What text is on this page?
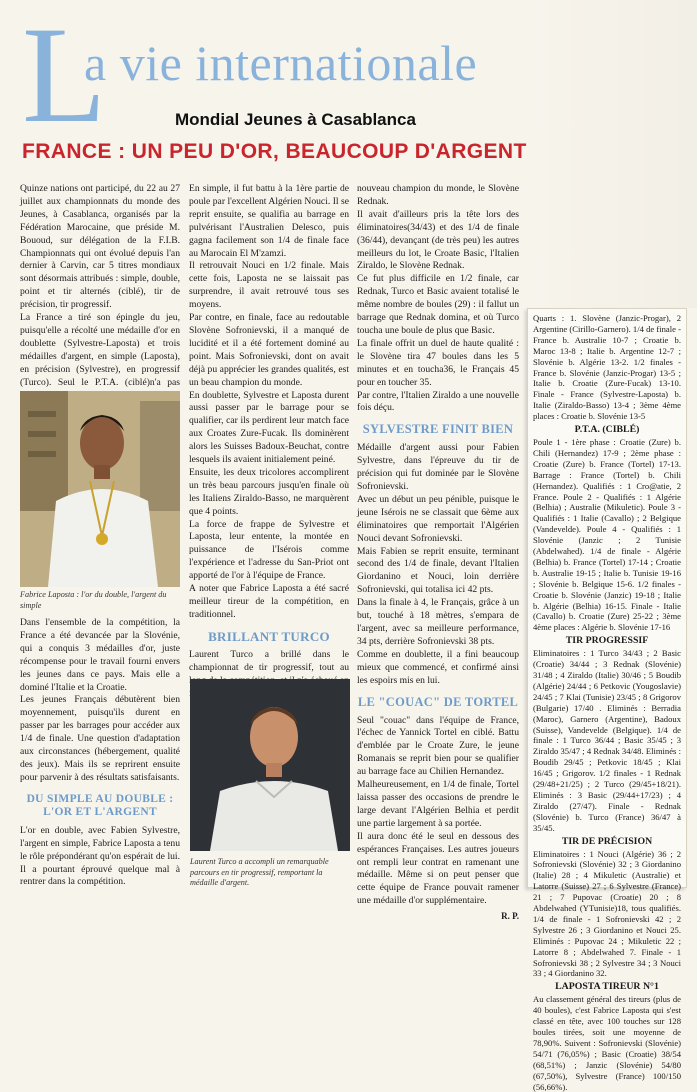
L
a vie internationale
Mondial Jeunes à Casablanca
FRANCE : UN PEU D'OR, BEAUCOUP D'ARGENT

Quinze nations ont participé, du 22 au 27 juillet aux championnats du monde des Jeunes, à Casablanca, organisés par la Fédération Marocaine, que préside M. Bououd, sur délégation de la F.I.B. Championnats qui ont évolué depuis l'an dernier à Carvin, car 5 titres mondiaux sont désormais attribués : simple, double, point et tir alternés (ciblé), tir de précision, tir progressif.

La France a tiré son épingle du jeu, puisqu'elle a récolté une médaille d'or en doublette (Sylvestre-Laposta) et trois médailles d'argent, en simple (Laposta), en précision (Sylvestre), en progressif (Turco). Seul le P.T.A. (ciblé)n'a pas

Fabrice Laposta : l'or du double, l'argent du simple

Dans l'ensemble de la compétition, la France a été devancée par la Slovénie, qui a conquis 3 médailles d'or, juste récompense pour le travail fourni envers les jeunes dans ce pays. Mais elle a dominé l'Italie et la Croatie.

Les jeunes Français débutèrent bien moyennement, puisqu'ils durent en passer par les barrages pour accéder aux 1/4 de finale. Une question d'adaptation aux circonstances (hébergement, qualité des jeux). Mais ils se reprirent ensuite pour parvenir à des résultats satisfaisants.

DU SIMPLE AU DOUBLE : L'OR ET L'ARGENT

L'or en double, avec Fabien Sylvestre, l'argent en simple, Fabrice Laposta a tenu le rôle prépondérant qu'on espérait de lui. Il a pourtant éprouvé quelque mal à rentrer dans la compétition.

En simple, il fut battu à la 1ère partie de poule par l'excellent Algérien Nouci. Il se reprit ensuite, se qualifia au barrage en pulvérisant l'Australien Delesco, puis gagna facilement son 1/4 de finale face au Marocain El M'zamzi.

Il retrouvait Nouci en 1/2 finale. Mais cette fois, Laposta ne se laissait pas surprendre, il avait retrouvé tous ses moyens.

Par contre, en finale, face au redoutable Slovène Sofronievski, il a manqué de lucidité et il a été fortement dominé au point. Mais Sofronievski, dont on avait déjà pu apprécier les grandes qualités, est un beau champion du monde.

En doublette, Sylvestre et Laposta durent aussi passer par le barrage pour se qualifier, car ils perdirent leur match face aux Croates Zure-Fucak. Ils dominèrent alors les Suisses Badoux-Beuchat, contre lesquels ils avaient initialement peiné.

Ensuite, les deux tricolores accomplirent un très beau parcours jusqu'en finale où les Italiens Ziraldo-Basso, ne marquèrent que 4 points.

La force de frappe de Sylvestre et Laposta, leur entente, la montée en puissance de l'Isérois comme l'expérience et l'adresse du San-Priot ont apporté de l'or à l'équipe de France.

A noter que Fabrice Laposta a été sacré meilleur tireur de la compétition, en traditionnel.

BRILLANT TURCO

Laurent Turco a brillé dans le championnat de tir progressif, tout au

Laurent Turco a accompli un remarquable parcours en tir progressif, remportant la médaille d'argent.

nouveau champion du monde, le Slovène Rednak.

Il avait d'ailleurs pris la tête lors des éliminatoires(34/43) et des 1/4 de finale (36/44), devançant (de très peu) les autres meilleurs du lot, le Croate Basic, l'Italien Ziraldo, le Slovène Rednak.

Ce fut plus difficile en 1/2 finale, car Rednak, Turco et Basic avaient totalisé le même nombre de boules (29) : il fallut un barrage que Rednak domina, et où Turco toucha une boule de plus que Basic.

La finale offrit un duel de haute qualité : le Slovène tira 47 boules dans les 5 minutes et en toucha36, le Français 45 pour en toucher 35.

Par contre, l'Italien Ziraldo a une nouvelle fois déçu.

SYLVESTRE FINIT BIEN

Médaille d'argent aussi pour Fabien Sylvestre, dans l'épreuve du tir de précision qui fut dominée par le Slovène Sofronievski.

Avec un début un peu pénible, puisque le jeune Isérois ne se classait que 6ème aux éliminatoires que remportait l'Algérien Nouci devant Sofronievski.

Mais Fabien se reprit ensuite, terminant second des 1/4 de finale, devant l'Italien Giordanino et Nouci, loin derrière Sofronievski, qui totalisa ici 42 pts.

Dans la finale à 4, le Français, grâce à un but, touché à 18 mètres, s'empara de l'argent, avec sa meilleure performance, 34 pts, derrière Sofronievski 38 pts.

Comme en doublette, il a fini beaucoup mieux que commencé, et confirmé ainsi les espoirs mis en lui.

LE "COUAC" DE TORTEL

Seul "couac" dans l'équipe de France, l'échec de Yannick Tortel en ciblé. Battu d'emblée par le Croate Zure, le jeune Romanais se reprit bien pour se qualifier au barrage face au Chilien Hernandez.

Malheureusement, en 1/4 de finale, Tortel laissa passer des occasions de prendre le large devant l'Algérien Belhia et perdit une partie largement à sa portée.

Il aura donc été le seul en dessous des espérances Françaises. Les autres joueurs ont rempli leur contrat en ramenant une médaille. Même si on peut penser que cette équipe de France pouvait ramener une médaille d'or supplémentaire.

R. P.

Quarts : 1. Slovène (Janzic-Progar), 2 Argentine (Cirillo-Garnero). 1/4 de finale - France b. Australie 10-7 ; Croatie b. Maroc 13-8 ; Italie b. Argentine 12-7 ; Slovénie b. Algérie 13-2. 1/2 finales - France b. Slovénie (Janzic-Progar) 13-5 ; Italie b. Croatie (Zure-Fucak) 13-10. Finale - France (Sylvestre-Laposta) b. Italie (Ziraldo-Basso) 13-4 ; 3ème 4ème places : Croatie b. Slovénie 13-5

P.T.A. (CIBLÉ)

Poule 1 - 1ère phase : Croatie (Zure) b. Chili (Hernandez) 17-9 ; 2ème phase : Croatie (Zure) b. France (Tortel) 17-13. Barrage : France (Tortel) b. Chili (Hernandez). Qualifiés : 1 Cro@atie, 2 France. Poule 2 - Qualifiés : 1 Algérie (Belhia) ; Australie (Mikuletic). Poule 3 - Qualifiés : 1 Italie (Cavallo) ; 2 Belgique (Vandevelde). Poule 4 - Qualifiés : 1 Slovénie (Janzic ; 2 Tunisie (Abdelwahed). 1/4 de finale - Algérie (Belhia) b. France (Tortel) 17-14 ; Croatie b. Australie 19-15 ; Italie b. Tunisie 19-16 ; Slovénie b. Belgique 15-6. 1/2 finales - Croatie b. Slovénie (Janzic) 19-18 ; Italie b. Algérie (Belhia) 16-15. Finale - Italie (Cavallo) b. Croatie (Zure) 25-22 ; 3ème 4ème places : Algérie b. Slovénie 17-16

TIR PROGRESSIF

Eliminatoires : 1 Turco 34/43 ; 2 Basic (Croatie) 34/44 ; 3 Rednak (Slovénie) 31/48 ; 4 Ziraldo (Italie) 30/46 ; 5 Boudib (Algérie) 24/44 ; 6 Petkovic (Yougoslavie) 24/45 ; 7 Klai (Tunisie) 23/45 ; 8 Grigorov (Bulgarie) 17/40 . Eliminés : Berradia (Maroc), Garnero (Argentine), Badoux (Suisse), Vandevelde (Belgique). 1/4 de finale : 1 Turco 36/44 ; Basic 35/45 ; 3 Ziraldo 35/47 ; 4 Rednak 34/48. Eliminés : Boudib 29/45 ; Petkovic 18/45 ; Klai 16/45 ; Grigorov. 1/2 finales - 1 Rednak (29/48+21/25) ; 2 Turco (29/45+18/21). Eliminés : 3 Basic (29/44+17/23) ; 4 Ziraldo (27/47). Finale - Rednak (Slovénie) b. Turco (France) 36/47 à 35/45.

TIR DE PRÉCISION

Eliminatoires : 1 Nouci (Algérie) 36 ; 2 Sofronievski (Slovénie) 32 ; 3 Giordanino (Italie) 28 ; 4 Mikuletic (Australie) et Latorre (Suisse) 27 ; 6 Sylvestre (France) 21 ; 7 Pupovac (Croatie) 20 ; 8 Abdelwahed (YTunisie)18, tous qualifiés. 1/4 de finale - 1 Sofronievski 42 ; 2 Sylvestre 26 ; 3 Giordanino et Nouci 25. Eliminés : Pupovac 24 ; Mikuletic 22 ; Latorre 8 ; Abdelwahed 7. Finale - 1 Sofronievski 38 ; 2 Sylvestre 34 ; 3 Nouci 33 ; 4 Giordanino 32.

LAPOSTA TIREUR N°1

Au classement général des tireurs (plus de 40 boules), c'est Fabrice Laposta qui s'est classé en tête, avec 100 touches sur 128 boules tirées, soit une moyenne de 78,90%. Suivent : Sofronievski (Slovénie) 54/71 (76,05%) ; Basic (Croatie) 38/54 (68,51%) ; Janzic (Slovénie) 54/80 (67,50%), Sylvestre (France) 100/150 (56,66%).
